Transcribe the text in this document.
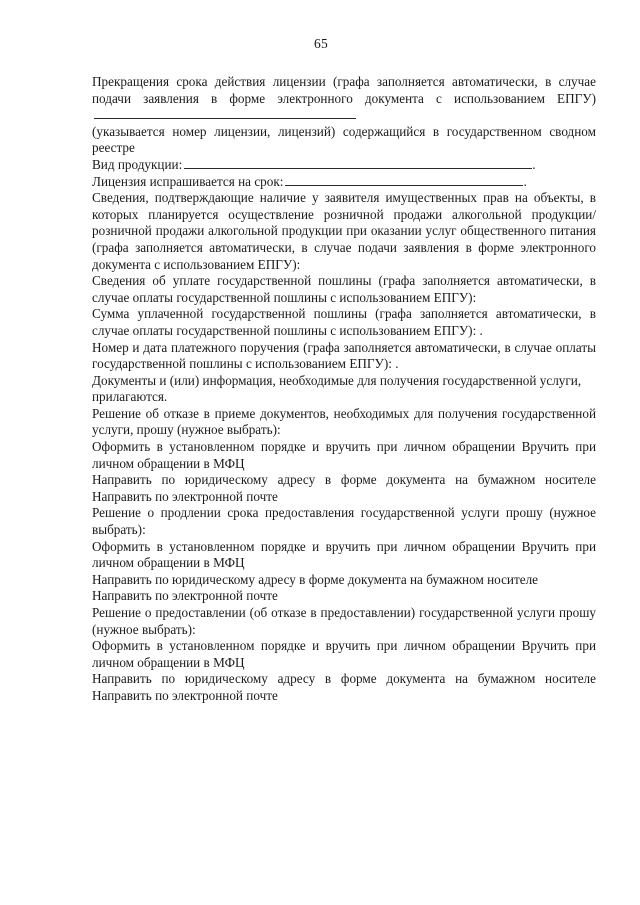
65

Прекращения срока действия лицензии (графа заполняется автоматически, в случае подачи заявления в форме электронного документа с использованием ЕПГУ)

(указывается номер лицензии, лицензий) содержащийся в государственном сводном реестре

Вид продукции:	.

Лицензия испрашивается на срок:	.

Сведения, подтверждающие наличие у заявителя имущественных прав на объекты, в которых планируется осуществление розничной продажи алкогольной продукции/розничной продажи алкогольной продукции при оказании услуг общественного питания (графа заполняется автоматически, в случае подачи заявления в форме электронного документа с использованием ЕПГУ):

Сведения об уплате государственной пошлины (графа заполняется автоматически, в случае оплаты государственной пошлины с использованием ЕПГУ):

Сумма уплаченной государственной пошлины (графа заполняется автоматически, в случае оплаты государственной пошлины с использованием ЕПГУ): .

Номер и дата платежного поручения (графа заполняется автоматически, в случае оплаты государственной пошлины с использованием ЕПГУ): .

Документы и (или) информация, необходимые для получения государственной услуги,

прилагаются.

Решение об отказе в приеме документов, необходимых для получения государственной услуги, прошу (нужное выбрать):

Оформить в установленном порядке и вручить при личном обращении Вручить при личном обращении в МФЦ

Направить по юридическому адресу в форме документа на бумажном носителе Направить по электронной почте

Решение о продлении срока предоставления государственной услуги прошу (нужное выбрать):

Оформить в установленном порядке и вручить при личном обращении Вручить при личном обращении в МФЦ

Направить по юридическому адресу в форме документа на бумажном носителе

Направить по электронной почте

Решение о предоставлении (об отказе в предоставлении) государственной услуги прошу (нужное выбрать):

Оформить в установленном порядке и вручить при личном обращении Вручить при личном обращении в МФЦ

Направить по юридическому адресу в форме документа на бумажном носителе Направить по электронной почте
